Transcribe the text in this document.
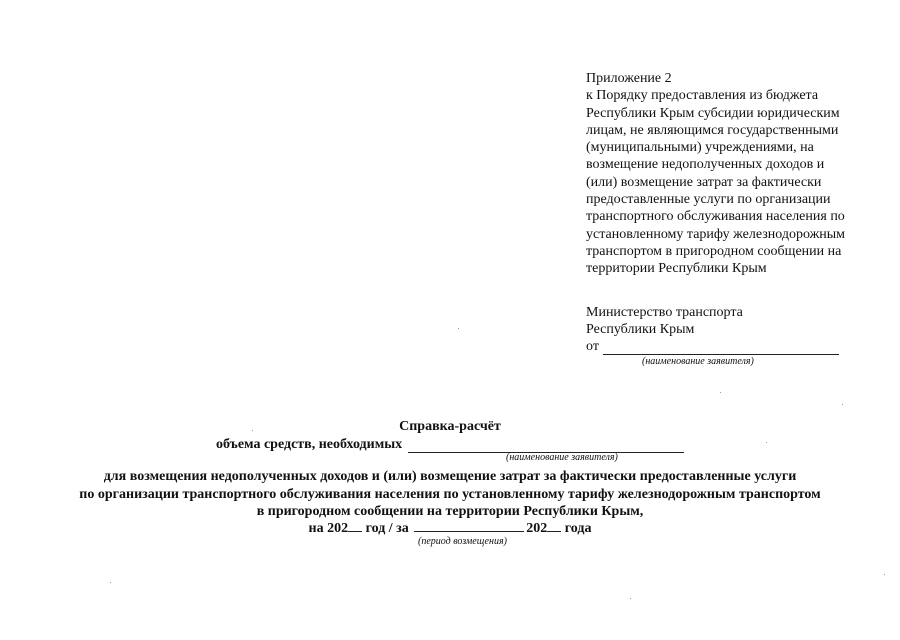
Приложение 2
к Порядку предоставления из бюджета
Республики Крым субсидии юридическим
лицам, не являющимся государственными
(муниципальными) учреждениями, на
возмещение недополученных доходов и
(или) возмещение затрат за фактически
предоставленные услуги по организации
транспортного обслуживания населения по
установленному тарифу железнодорожным
транспортом в пригородном сообщении на
территории Республики Крым
Министерство транспорта
Республики Крым
от
(наименование заявителя)
Справка-расчёт
объема средств, необходимых
(наименование заявителя)
для возмещения недополученных доходов и (или) возмещение затрат за фактически предоставленные услуги
по организации транспортного обслуживания населения по установленному тарифу железнодорожным транспортом
в пригородном сообщении на территории Республики Крым,
на 202 год / за	202 года
(период возмещения)
